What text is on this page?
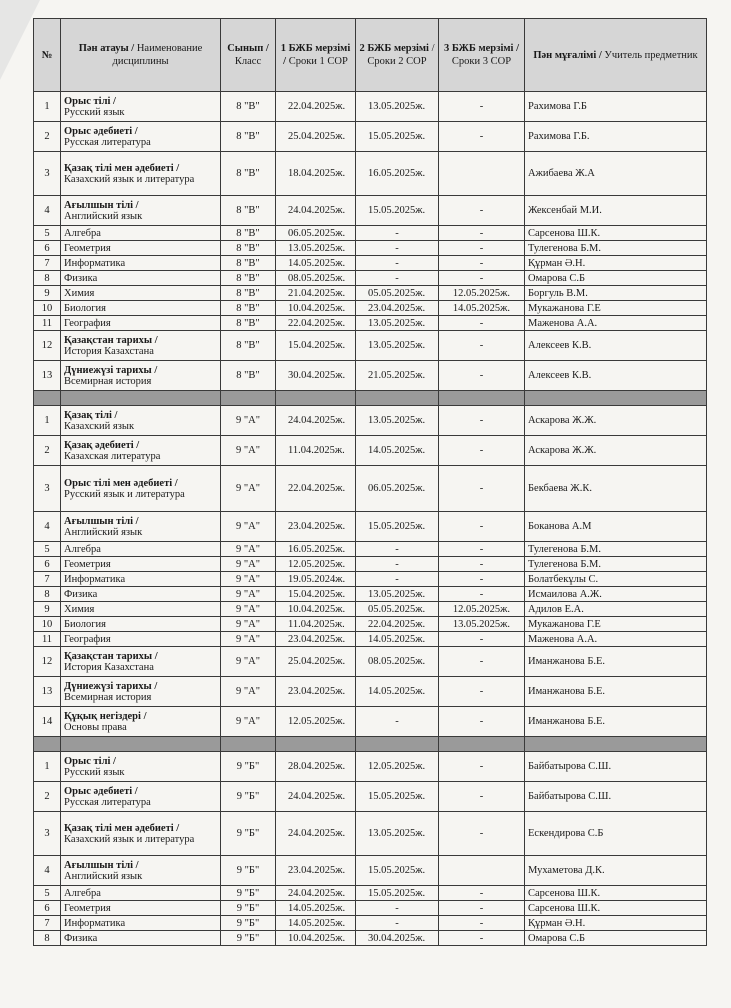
№	Пән атауы / Наименование дисциплины	Сынып / Класс	1 БЖБ мерзімі / Сроки 1 СОР	2 БЖБ мерзімі / Сроки 2 СОР	3 БЖБ мерзімі / Сроки 3 СОР	Пән мұғалімі / Учитель предметник
1	Орыс тілі /
Русский язык	8 "В"	22.04.2025ж.	13.05.2025ж.	-	Рахимова Г.Б
2	Орыс әдебиеті /
Русская литература	8 "В"	25.04.2025ж.	15.05.2025ж.	-	Рахимова Г.Б.
3	Қазақ тілі мен әдебиеті /
Казахский язык и литература	8 "В"	18.04.2025ж.	16.05.2025ж.		Ажибаева Ж.А
4	Ағылшын тілі /
Английский язык	8 "В"	24.04.2025ж.	15.05.2025ж.	-	Жексенбай М.И.
5	Алгебра	8 "В"	06.05.2025ж.	-	-	Сарсенова Ш.К.
6	Геометрия	8 "В"	13.05.2025ж.	-	-	Тулегенова Б.М.
7	Информатика	8 "В"	14.05.2025ж.	-	-	Құрман Ә.Н.
8	Физика	8 "В"	08.05.2025ж.	-	-	Омарова С.Б
9	Химия	8 "В"	21.04.2025ж.	05.05.2025ж.	12.05.2025ж.	Боргуль В.М.
10	Биология	8 "В"	10.04.2025ж.	23.04.2025ж.	14.05.2025ж.	Мукажанова Г.Е
11	География	8 "В"	22.04.2025ж.	13.05.2025ж.	-	Маженова А.А.
12	Қазақстан тарихы /
История Казахстана	8 "В"	15.04.2025ж.	13.05.2025ж.	-	Алексеев К.В.
13	Дүниежүзі тарихы /
Всемирная история	8 "В"	30.04.2025ж.	21.05.2025ж.	-	Алексеев К.В.

1	Қазақ тілі /
Казахский язык	9 "А"	24.04.2025ж.	13.05.2025ж.	-	Аскарова Ж.Ж.
2	Қазақ әдебиеті /
Казахская литература	9 "А"	11.04.2025ж.	14.05.2025ж.	-	Аскарова Ж.Ж.
3	Орыс тілі мен әдебиеті /
Русский язык и литература	9 "А"	22.04.2025ж.	06.05.2025ж.	-	Бекбаева Ж.К.
4	Ағылшын тілі /
Английский язык	9 "А"	23.04.2025ж.	15.05.2025ж.	-	Боканова А.М
5	Алгебра	9 "А"	16.05.2025ж.	-	-	Тулегенова Б.М.
6	Геометрия	9 "А"	12.05.2025ж.	-	-	Тулегенова Б.М.
7	Информатика	9 "А"	19.05.2024ж.	-	-	Болатбекұлы С.
8	Физика	9 "А"	15.04.2025ж.	13.05.2025ж.	-	Исмаилова А.Ж.
9	Химия	9 "А"	10.04.2025ж.	05.05.2025ж.	12.05.2025ж.	Адилов Е.А.
10	Биология	9 "А"	11.04.2025ж.	22.04.2025ж.	13.05.2025ж.	Мукажанова Г.Е
11	География	9 "А"	23.04.2025ж.	14.05.2025ж.	-	Маженова А.А.
12	Қазақстан тарихы /
История Казахстана	9 "А"	25.04.2025ж.	08.05.2025ж.	-	Иманжанова Б.Е.
13	Дүниежүзі тарихы /
Всемирная история	9 "А"	23.04.2025ж.	14.05.2025ж.	-	Иманжанова Б.Е.
14	Құқық негіздері /
Основы права	9 "А"	12.05.2025ж.	-	-	Иманжанова Б.Е.

1	Орыс тілі /
Русский язык	9 "Б"	28.04.2025ж.	12.05.2025ж.	-	Байбатырова С.Ш.
2	Орыс әдебиеті /
Русская литература	9 "Б"	24.04.2025ж.	15.05.2025ж.	-	Байбатырова С.Ш.
3	Қазақ тілі мен әдебиеті /
Казахский язык и литература	9 "Б"	24.04.2025ж.	13.05.2025ж.	-	Ескендирова С.Б
4	Ағылшын тілі /
Английский язык	9 "Б"	23.04.2025ж.	15.05.2025ж.		Мухаметова Д.К.
5	Алгебра	9 "Б"	24.04.2025ж.	15.05.2025ж.	-	Сарсенова Ш.К.
6	Геометрия	9 "Б"	14.05.2025ж.	-	-	Сарсенова Ш.К.
7	Информатика	9 "Б"	14.05.2025ж.	-	-	Құрман Ә.Н.
8	Физика	9 "Б"	10.04.2025ж.	30.04.2025ж.	-	Омарова С.Б
